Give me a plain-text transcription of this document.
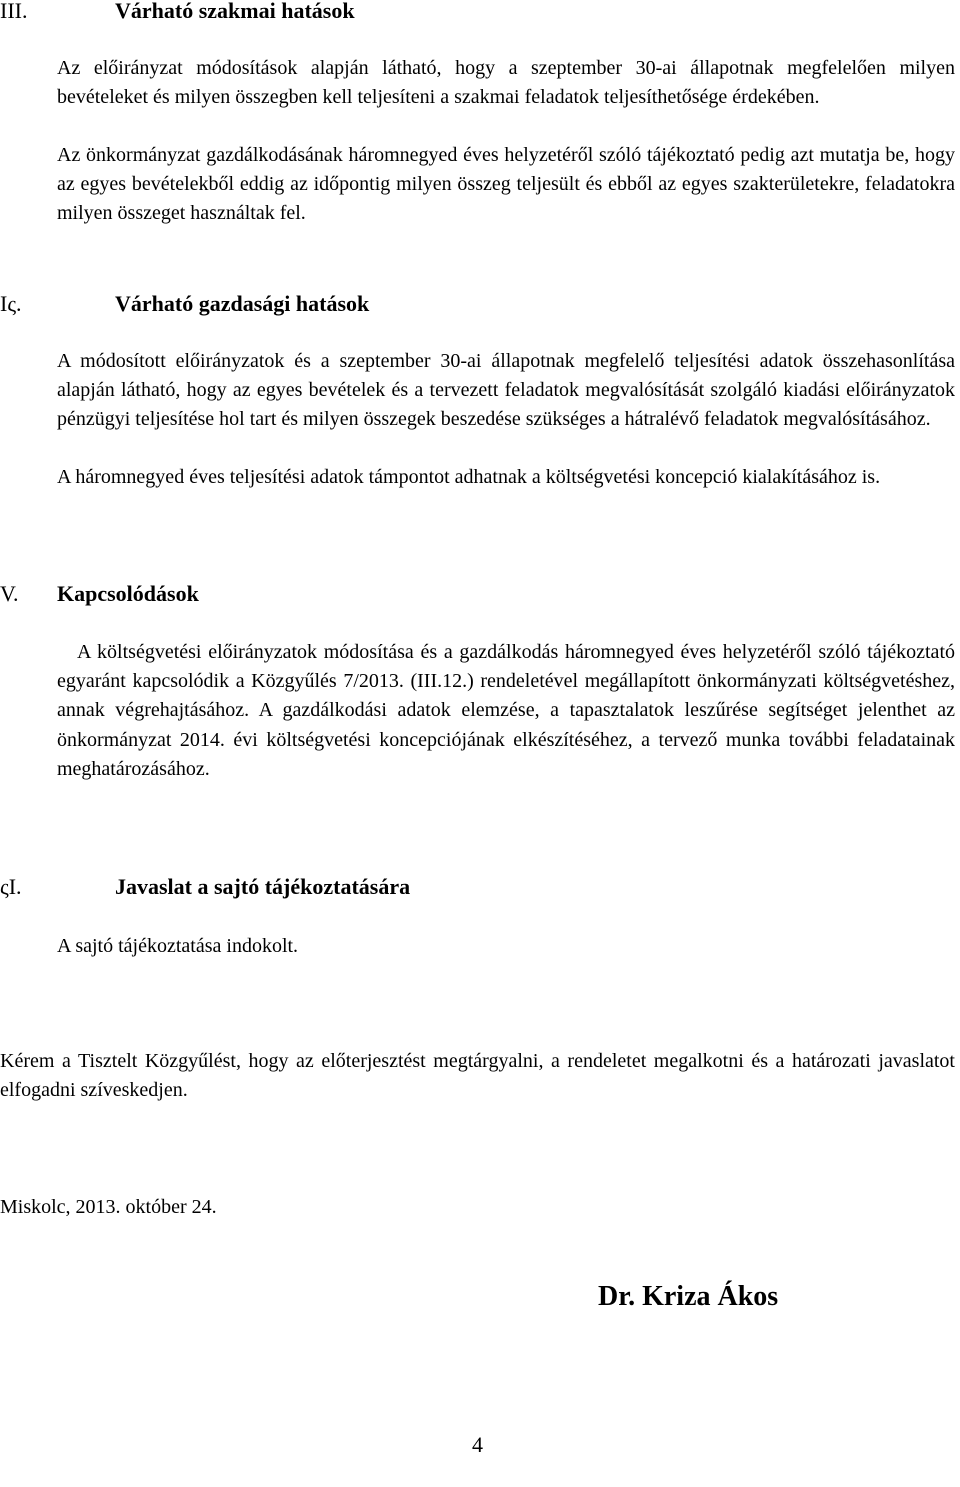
III.	Várható szakmai hatások

Az előirányzat módosítások alapján látható, hogy a szeptember 30-ai állapotnak megfelelően milyen bevételeket és milyen összegben kell teljesíteni a szakmai feladatok teljesíthetősége érdekében.

Az önkormányzat gazdálkodásának háromnegyed éves helyzetéről szóló tájékoztató pedig azt mutatja be, hogy az egyes bevételekből eddig az időpontig milyen összeg teljesült és ebből az egyes szakterületekre, feladatokra milyen összeget használtak fel.

Iς.	Várható gazdasági hatások

A módosított előirányzatok és a szeptember 30-ai állapotnak megfelelő teljesítési adatok összehasonlítása alapján látható, hogy az egyes bevételek és a tervezett feladatok megvalósítását szolgáló kiadási előirányzatok pénzügyi teljesítése hol tart és milyen összegek beszedése szükséges a hátralévő feladatok megvalósításához.

A háromnegyed éves teljesítési adatok támpontot adhatnak a költségvetési koncepció kialakításához is.

V. Kapcsolódások

A költségvetési előirányzatok módosítása és a gazdálkodás háromnegyed éves helyzetéről szóló tájékoztató egyaránt kapcsolódik a Közgyűlés 7/2013. (III.12.) rendeletével megállapított önkormányzati költségvetéshez, annak végrehajtásához. A gazdálkodási adatok elemzése, a tapasztalatok leszűrése segítséget jelenthet az önkormányzat 2014. évi költségvetési koncepciójának elkészítéséhez, a tervező munka további feladatainak meghatározásához.

ςI.	Javaslat a sajtó tájékoztatására

A sajtó tájékoztatása indokolt.

Kérem a Tisztelt Közgyűlést, hogy az előterjesztést megtárgyalni, a rendeletet megalkotni és a határozati javaslatot elfogadni szíveskedjen.

Miskolc, 2013. október 24.

Dr. Kriza Ákos
4
